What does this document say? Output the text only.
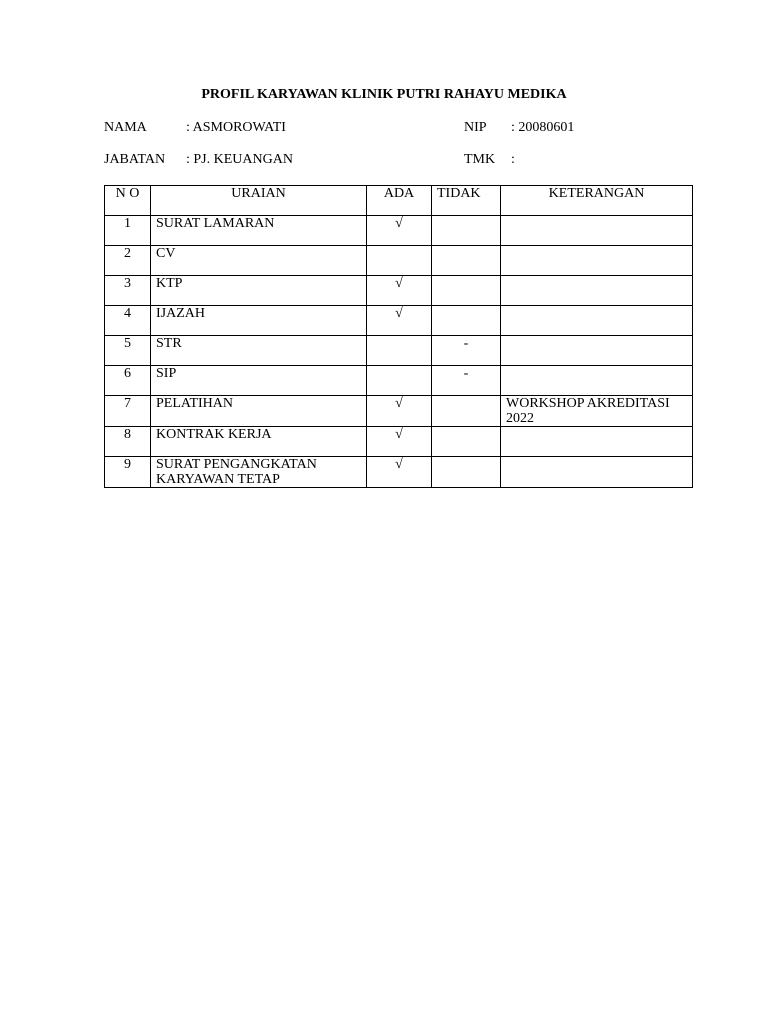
PROFIL KARYAWAN KLINIK PUTRI RAHAYU MEDIKA
NAMA	: ASMOROWATI	NIP : 20080601
JABATAN : PJ. KEUANGAN	TMK :
N O	URAIAN	ADA	TIDAK	KETERANGAN
1	SURAT LAMARAN	√		
2	CV			
3	KTP	√		
4	IJAZAH	√		
5	STR		-	
6	SIP		-	
7	PELATIHAN	√		WORKSHOP AKREDITASI 2022
8	KONTRAK KERJA	√		
9	SURAT PENGANGKATAN KARYAWAN TETAP	√		
